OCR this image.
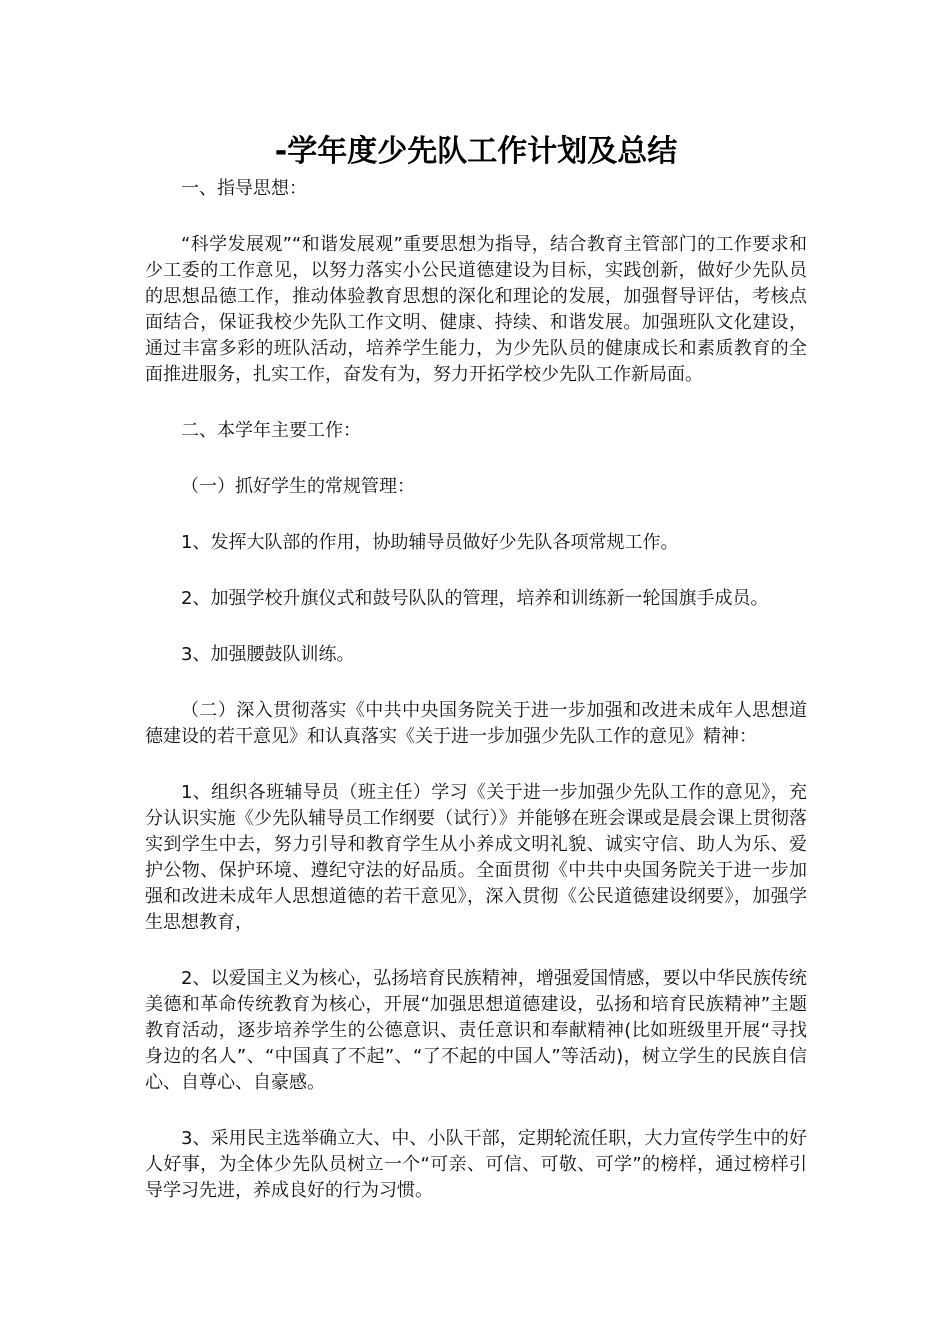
-学年度少先队工作计划及总结

一、指导思想：

“科学发展观”“和谐发展观”重要思想为指导，结合教育主管部门的工作要求和少工委的工作意见，以努力落实小公民道德建设为目标，实践创新，做好少先队员的思想品德工作，推动体验教育思想的深化和理论的发展，加强督导评估，考核点面结合，保证我校少先队工作文明、健康、持续、和谐发展。加强班队文化建设，通过丰富多彩的班队活动，培养学生能力，为少先队员的健康成长和素质教育的全面推进服务，扎实工作，奋发有为，努力开拓学校少先队工作新局面。

二、本学年主要工作：

（一）抓好学生的常规管理：

1、发挥大队部的作用，协助辅导员做好少先队各项常规工作。

2、加强学校升旗仪式和鼓号队队的管理，培养和训练新一轮国旗手成员。

3、加强腰鼓队训练。

（二）深入贯彻落实《中共中央国务院关于进一步加强和改进未成年人思想道德建设的若干意见》和认真落实《关于进一步加强少先队工作的意见》精神：

1、组织各班辅导员（班主任）学习《关于进一步加强少先队工作的意见》，充分认识实施《少先队辅导员工作纲要（试行）》并能够在班会课或是晨会课上贯彻落实到学生中去，努力引导和教育学生从小养成文明礼貌、诚实守信、助人为乐、爱护公物、保护环境、遵纪守法的好品质。全面贯彻《中共中央国务院关于进一步加强和改进未成年人思想道德的若干意见》，深入贯彻《公民道德建设纲要》，加强学生思想教育，

2、以爱国主义为核心，弘扬培育民族精神，增强爱国情感，要以中华民族传统美德和革命传统教育为核心，开展“加强思想道德建设，弘扬和培育民族精神”主题教育活动，逐步培养学生的公德意识、责任意识和奉献精神(比如班级里开展“寻找身边的名人”、“中国真了不起”、“了不起的中国人”等活动)，树立学生的民族自信心、自尊心、自豪感。

3、采用民主选举确立大、中、小队干部，定期轮流任职，大力宣传学生中的好人好事，为全体少先队员树立一个“可亲、可信、可敬、可学”的榜样，通过榜样引导学习先进，养成良好的行为习惯。
